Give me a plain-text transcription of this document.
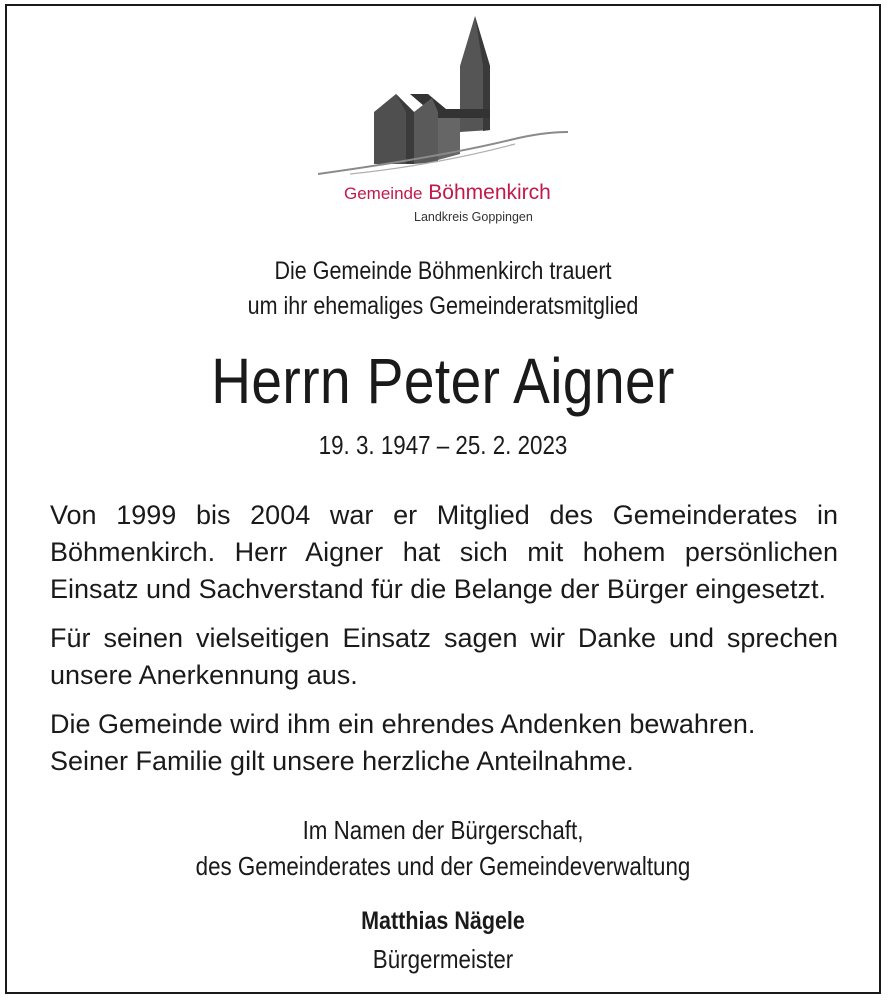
Gemeinde Böhmenkirch
Landkreis Goppingen
Die Gemeinde Böhmenkirch trauert
um ihr ehemaliges Gemeinderatsmitglied
Herrn Peter Aigner
19. 3. 1947 – 25. 2. 2023
Von 1999 bis 2004 war er Mitglied des Gemeinderates in
Böhmenkirch. Herr Aigner hat sich mit hohem persönlichen
Einsatz und Sachverstand für die Belange der Bürger eingesetzt.
Für seinen vielseitigen Einsatz sagen wir Danke und sprechen
unsere Anerkennung aus.
Die Gemeinde wird ihm ein ehrendes Andenken bewahren.
Seiner Familie gilt unsere herzliche Anteilnahme.
Im Namen der Bürgerschaft,
des Gemeinderates und der Gemeindeverwaltung
Matthias Nägele
Bürgermeister
